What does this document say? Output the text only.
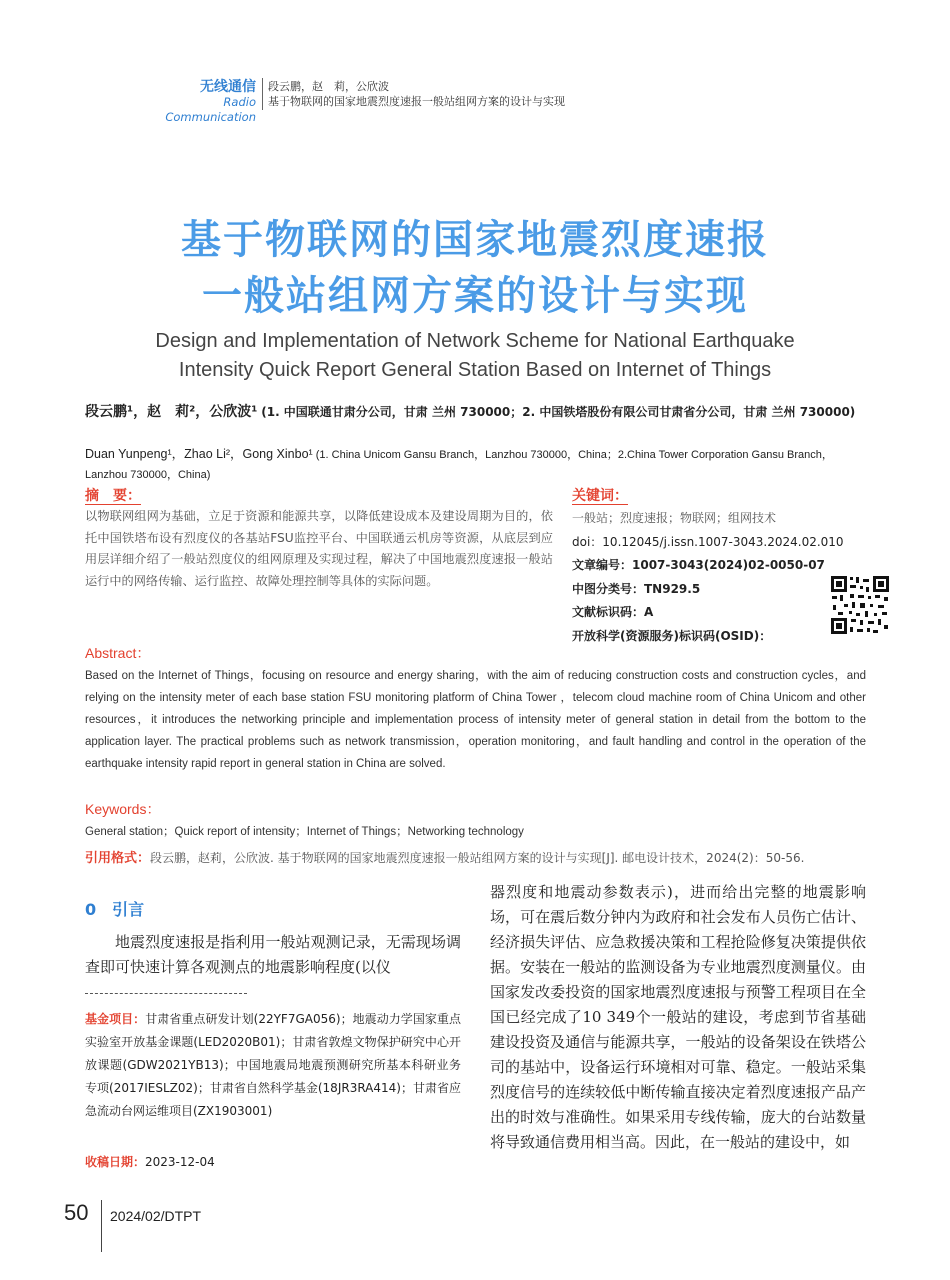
无线通信
Radio Communication
段云鹏，赵　莉，公欣波
基于物联网的国家地震烈度速报一般站组网方案的设计与实现
基于物联网的国家地震烈度速报
一般站组网方案的设计与实现
Design and Implementation of Network Scheme for National Earthquake
Intensity Quick Report General Station Based on Internet of Things
段云鹏¹，赵　莉²，公欣波¹ (1. 中国联通甘肃分公司，甘肃 兰州 730000；2. 中国铁塔股份有限公司甘肃省分公司，甘肃 兰州 730000)
Duan Yunpeng¹，Zhao Li²，Gong Xinbo¹ (1. China Unicom Gansu Branch，Lanzhou 730000，China；2.China Tower Corporation Gansu Branch，Lanzhou 730000，China)
摘　要：
以物联网组网为基础，立足于资源和能源共享，以降低建设成本及建设周期为目的，依托中国铁塔布设有烈度仪的各基站FSU监控平台、中国联通云机房等资源，从底层到应用层详细介绍了一般站烈度仪的组网原理及实现过程，解决了中国地震烈度速报一般站运行中的网络传输、运行监控、故障处理控制等具体的实际问题。
关键词：
一般站；烈度速报；物联网；组网技术
doi：10.12045/j.issn.1007-3043.2024.02.010
文章编号：1007-3043(2024)02-0050-07
中图分类号：TN929.5
文献标识码：A
开放科学(资源服务)标识码(OSID)：
Abstract：
Based on the Internet of Things，focusing on resource and energy sharing，with the aim of reducing construction costs and construction cycles，and relying on the intensity meter of each base station FSU monitoring platform of China Tower ，telecom cloud machine room of China Unicom and other resources，it introduces the networking principle and implementation process of intensity meter of general station in detail from the bottom to the application layer. The practical problems such as network transmission，operation monitoring，and fault handling and control in the operation of the earthquake intensity rapid report in general station in China are solved.
Keywords：
General station；Quick report of intensity；Internet of Things；Networking technology
引用格式：段云鹏，赵莉，公欣波. 基于物联网的国家地震烈度速报一般站组网方案的设计与实现[J]. 邮电设计技术，2024(2)：50-56.
0　引言
地震烈度速报是指利用一般站观测记录，无需现场调查即可快速计算各观测点的地震影响程度(以仪
基金项目：甘肃省重点研发计划(22YF7GA056)；地震动力学国家重点实验室开放基金课题(LED2020B01)；甘肃省敦煌文物保护研究中心开放课题(GDW2021YB13)；中国地震局地震预测研究所基本科研业务专项(2017IESLZ02)；甘肃省自然科学基金(18JR3RA414)；甘肃省应急流动台网运维项目(ZX1903001)
收稿日期：2023-12-04
器烈度和地震动参数表示)，进而给出完整的地震影响场，可在震后数分钟内为政府和社会发布人员伤亡估计、经济损失评估、应急救援决策和工程抢险修复决策提供依据。安装在一般站的监测设备为专业地震烈度测量仪。由国家发改委投资的国家地震烈度速报与预警工程项目在全国已经完成了10 349个一般站的建设，考虑到节省基础建设投资及通信与能源共享，一般站的设备架设在铁塔公司的基站中，设备运行环境相对可靠、稳定。一般站采集烈度信号的连续较低中断传输直接决定着烈度速报产品产出的时效与准确性。如果采用专线传输，庞大的台站数量将导致通信费用相当高。因此，在一般站的建设中，如
50 2024/02/DTPT
